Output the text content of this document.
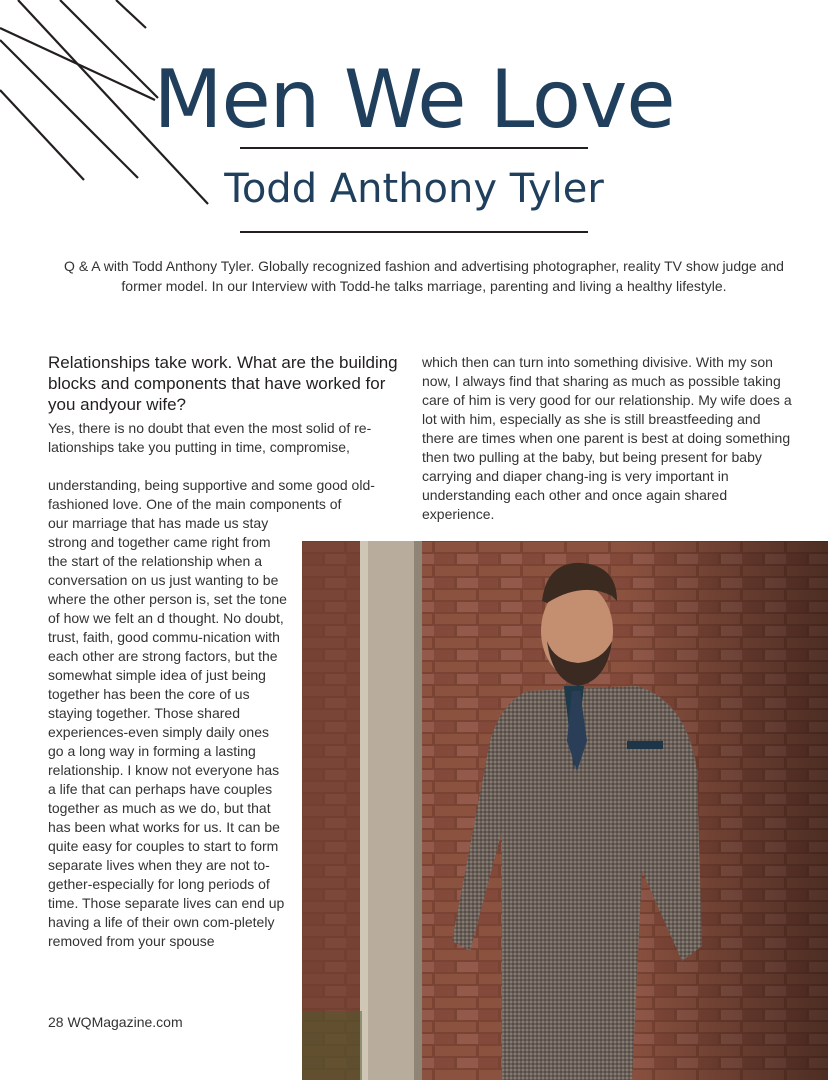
Men We Love
Todd Anthony Tyler

Q & A with Todd Anthony Tyler. Globally recognized fashion and advertising photographer, reality TV show judge and former model. In our Interview with Todd-he talks marriage, parenting and living a healthy lifestyle.

Relationships take work. What are the building blocks and components that have worked for you andyour wife?

Yes, there is no doubt that even the most solid of re-lationships take you putting in time, compromise,

understanding, being supportive and some good old-fashioned love. One of the main components of

our marriage that has made us stay strong and together came right from the start of the relationship when a conversation on us just wanting to be where the other person is, set the tone of how we felt an d thought. No doubt, trust, faith, good commu-nication with each other are strong factors, but the somewhat simple idea of just being together has been the core of us staying together. Those shared experiences-even simply daily ones go a long way in forming a lasting relationship. I know not everyone has a life that can perhaps have couples together as much as we do, but that has been what works for us. It can be quite easy for couples to start to form separate lives when they are not to-gether-especially for long periods of time. Those separate lives can end up having a life of their own com-pletely removed from your spouse

which then can turn into something divisive. With my son now, I always find that sharing as much as possible taking care of him is very good for our relationship. My wife does a lot with him, especially as she is still breastfeeding and there are times when one parent is best at doing something then two pulling at the baby, but being present for baby carrying and diaper chang-ing is very important in understanding each other and once again shared experience.

28 WQMagazine.com
